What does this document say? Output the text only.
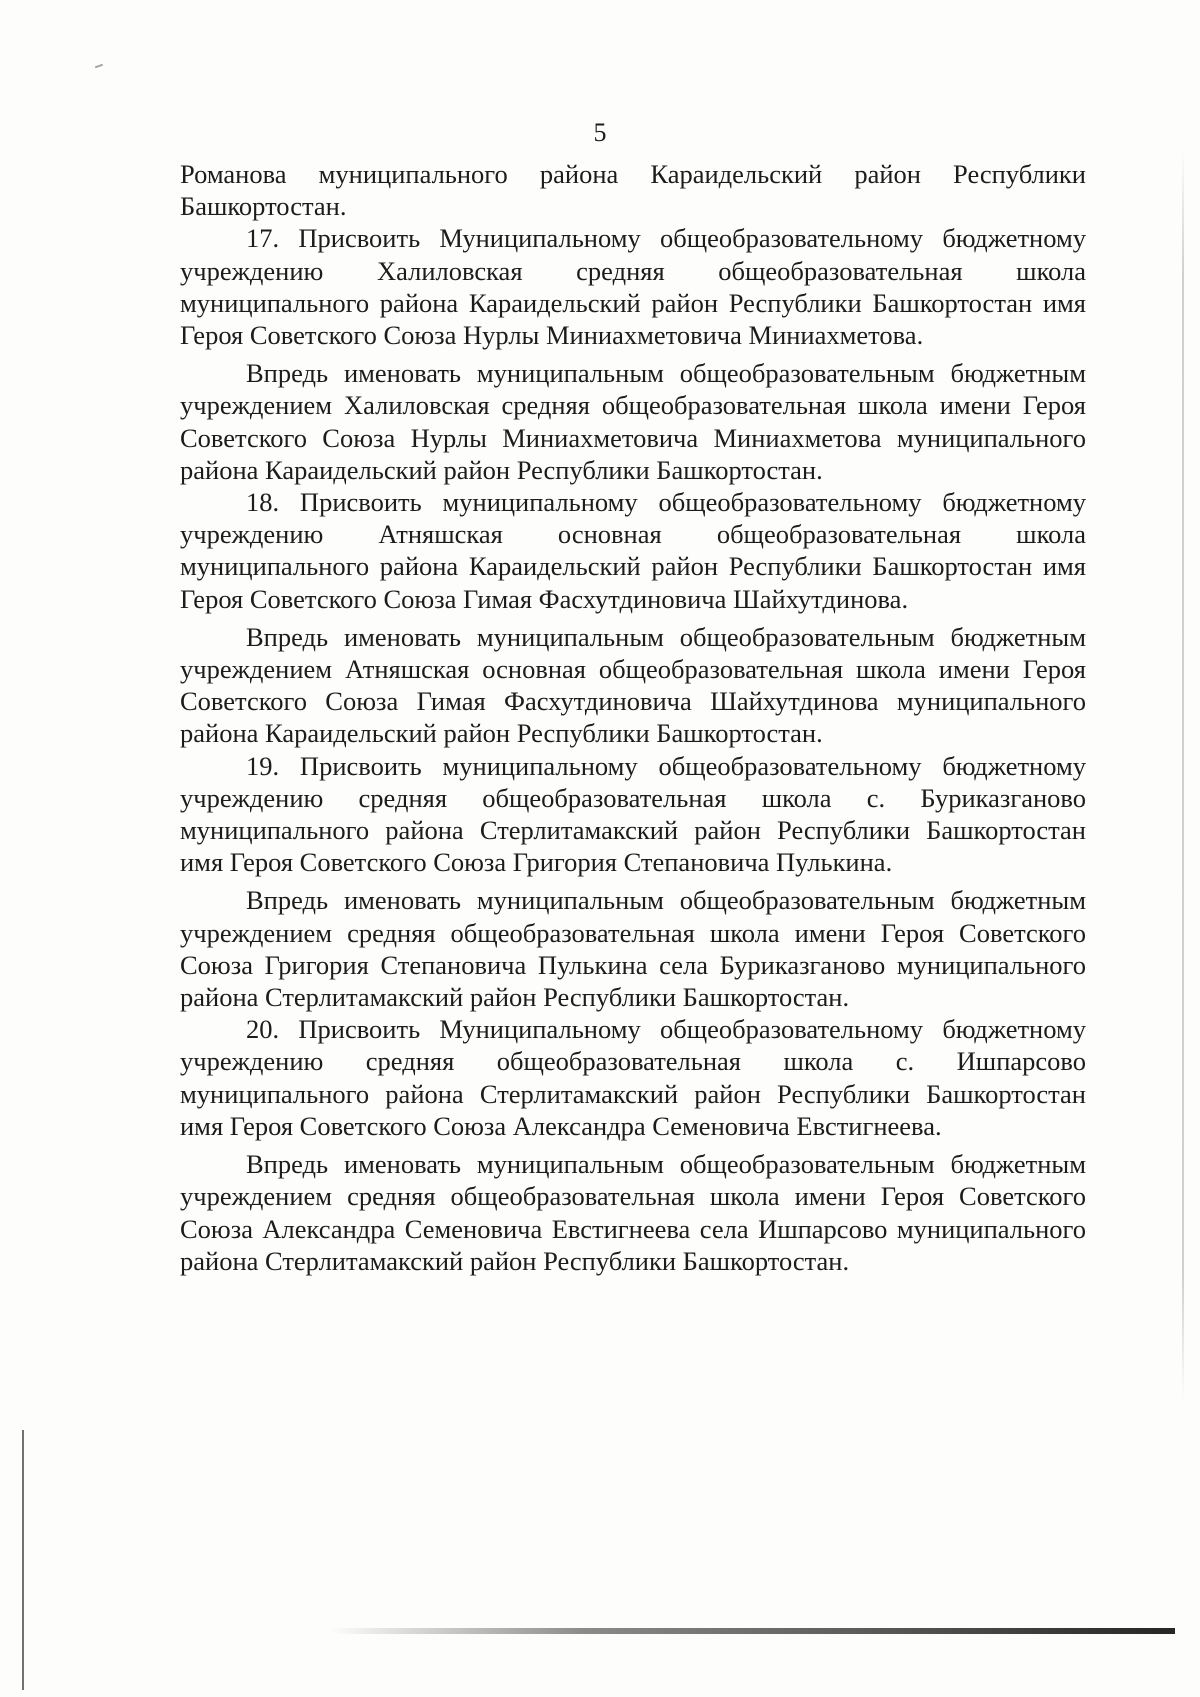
5

Романова муниципального района Караидельский район Республики Башкортостан.

17. Присвоить Муниципальному общеобразовательному бюджетному учреждению Халиловская средняя общеобразовательная школа муниципального района Караидельский район Республики Башкортостан имя Героя Советского Союза Нурлы Миниахметовича Миниахметова.

Впредь именовать муниципальным общеобразовательным бюджетным учреждением Халиловская средняя общеобразовательная школа имени Героя Советского Союза Нурлы Миниахметовича Миниахметова муниципального района Караидельский район Республики Башкортостан.

18. Присвоить муниципальному общеобразовательному бюджетному учреждению Атняшская основная общеобразовательная школа муниципального района Караидельский район Республики Башкортостан имя Героя Советского Союза Гимая Фасхутдиновича Шайхутдинова.

Впредь именовать муниципальным общеобразовательным бюджетным учреждением Атняшская основная общеобразовательная школа имени Героя Советского Союза Гимая Фасхутдиновича Шайхутдинова муниципального района Караидельский район Республики Башкортостан.

19. Присвоить муниципальному общеобразовательному бюджетному учреждению средняя общеобразовательная школа с. Буриказганово муниципального района Стерлитамакский район Республики Башкортостан имя Героя Советского Союза Григория Степановича Пулькина.

Впредь именовать муниципальным общеобразовательным бюджетным учреждением средняя общеобразовательная школа имени Героя Советского Союза Григория Степановича Пулькина села Буриказганово муниципального района Стерлитамакский район Республики Башкортостан.

20. Присвоить Муниципальному общеобразовательному бюджетному учреждению средняя общеобразовательная школа с. Ишпарсово муниципального района Стерлитамакский район Республики Башкортостан имя Героя Советского Союза Александра Семеновича Евстигнеева.

Впредь именовать муниципальным общеобразовательным бюджетным учреждением средняя общеобразовательная школа имени Героя Советского Союза Александра Семеновича Евстигнеева села Ишпарсово муниципального района Стерлитамакский район Республики Башкортостан.
